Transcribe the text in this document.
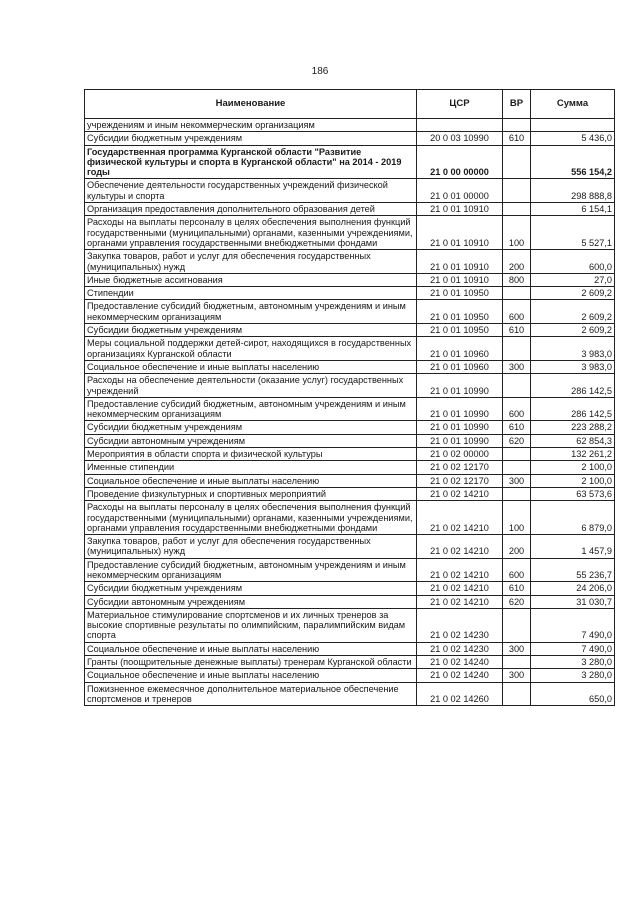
186
Наименование	ЦСР	ВР	Сумма
учреждениям и иным некоммерческим организациям			
Субсидии бюджетным учреждениям	20 0 03 10990	610	5 436,0
Государственная программа Курганской области "Развитие физической культуры и спорта в Курганской области" на 2014 - 2019 годы	21 0 00 00000		556 154,2
Обеспечение деятельности государственных учреждений физической культуры и спорта	21 0 01 00000		298 888,8
Организация предоставления дополнительного образования детей	21 0 01 10910		6 154,1
Расходы на выплаты персоналу в целях обеспечения выполнения функций государственными (муниципальными) органами, казенными учреждениями, органами управления государственными внебюджетными фондами	21 0 01 10910	100	5 527,1
Закупка товаров, работ и услуг для обеспечения государственных (муниципальных) нужд	21 0 01 10910	200	600,0
Иные бюджетные ассигнования	21 0 01 10910	800	27,0
Стипендии	21 0 01 10950		2 609,2
Предоставление субсидий бюджетным, автономным учреждениям и иным некоммерческим организациям	21 0 01 10950	600	2 609,2
Субсидии бюджетным учреждениям	21 0 01 10950	610	2 609,2
Меры социальной поддержки детей-сирот, находящихся в государственных организациях Курганской области	21 0 01 10960		3 983,0
Социальное обеспечение и иные выплаты населению	21 0 01 10960	300	3 983,0
Расходы на обеспечение деятельности (оказание услуг) государственных учреждений	21 0 01 10990		286 142,5
Предоставление субсидий бюджетным, автономным учреждениям и иным некоммерческим организациям	21 0 01 10990	600	286 142,5
Субсидии бюджетным учреждениям	21 0 01 10990	610	223 288,2
Субсидии автономным учреждениям	21 0 01 10990	620	62 854,3
Мероприятия в области спорта и физической культуры	21 0 02 00000		132 261,2
Именные стипендии	21 0 02 12170		2 100,0
Социальное обеспечение и иные выплаты населению	21 0 02 12170	300	2 100,0
Проведение физкультурных и спортивных мероприятий	21 0 02 14210		63 573,6
Расходы на выплаты персоналу в целях обеспечения выполнения функций государственными (муниципальными) органами, казенными учреждениями, органами управления государственными внебюджетными фондами	21 0 02 14210	100	6 879,0
Закупка товаров, работ и услуг для обеспечения государственных (муниципальных) нужд	21 0 02 14210	200	1 457,9
Предоставление субсидий бюджетным, автономным учреждениям и иным некоммерческим организациям	21 0 02 14210	600	55 236,7
Субсидии бюджетным учреждениям	21 0 02 14210	610	24 206,0
Субсидии автономным учреждениям	21 0 02 14210	620	31 030,7
Материальное стимулирование спортсменов и их личных тренеров за высокие спортивные результаты по олимпийским, паралимпийским видам спорта	21 0 02 14230		7 490,0
Социальное обеспечение и иные выплаты населению	21 0 02 14230	300	7 490,0
Гранты (поощрительные денежные выплаты) тренерам Курганской области	21 0 02 14240		3 280,0
Социальное обеспечение и иные выплаты населению	21 0 02 14240	300	3 280,0
Пожизненное ежемесячное дополнительное материальное обеспечение спортсменов и тренеров	21 0 02 14260		650,0
